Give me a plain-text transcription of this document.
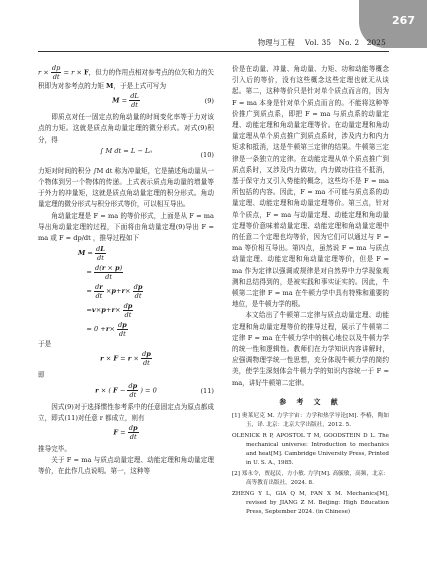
267
物理与工程 Vol. 35 No. 2 2025

$r \times \frac{dp}{dt} = r \times F$，但力的作用点相对参考点的位矢和力的矢积即为对参考点的力矩 M，于是上式可写为

$M = \frac{dL}{dt}$	(9)

即质点对任一固定点的角动量的时间变化率等于力对该点的力矩。这就是质点角动量定理的微分形式。对式(9)积分，得

∫ M dt = L − L₀	(10)

力矩对时间的积分 ∫M dt 称为冲量矩，它是描述角动量从一个物体到另一个物体的传递。上式表示质点角动量的增量等于外力的冲量矩，这就是质点角动量定理的积分形式。角动量定理的微分形式与积分形式等价，可以相互导出。

角动量定理是 F = ma 的等价形式，上面是从 F = ma 导出角动量定理的过程，下面将由角动量定理(9)导出 F = ma 或 F = dp/dt ，推导过程如下

$M = \frac{dL}{dt}$
= $\frac{d(r \times p)}{dt}$
= $\frac{dr}{dt} \times p + r \times \frac{dp}{dt}$
= $v \times p + r \times \frac{dp}{dt}$
= $0 + r \times \frac{dp}{dt}$

于是

$r \times F = r \times \frac{dp}{dt}$

即

r × ( $F - \frac{dp}{dt}$ ) = 0	(11)

因式(9)对于选择惯性参考系中的任意固定点为原点都成立，即式(11)对任意 r 都成立，则有

$F = \frac{dp}{dt}$

推导完毕。

关于 F = ma 与质点动量定理、动能定理和角动量定理等价，在此作几点说明。第一，这种等

价是在动量、冲量、角动量、力矩、功和动能等概念引入后的等价，没有这些概念这些定理也就无从谈起。第二，这种等价只是针对单个质点而言的，因为 F = ma 本身是针对单个质点而言的。不能将这种等价推广到质点系，即把 F = ma 与质点系的动量定理、动能定理和角动量定理等价。在动量定理和角动量定理从单个质点推广到质点系时，涉及内力和内力矩求和抵消，这是牛顿第三定律的结果。牛顿第三定律是一条独立的定律。在动能定理从单个质点推广到质点系时，又涉及内力做功，内力做功往往不抵消，基于保守力又引入势能的概念，这些均不是 F = ma 所包括的内容。因此，F = ma 不可能与质点系的动量定理、动能定理和角动量定理等价。第三点，针对单个质点，F = ma 与动量定理、动能定理和角动量定理等价意味着动量定理、动能定理和角动量定理中的任意二个定理也均等价，因为它们可以通过与 F = ma 等价相互导出。第四点，虽然说 F = ma 与质点动量定理、动能定理和角动量定理等价，但是 F = ma 作为定律以强调或规律是对自然界中力学现象观测和总结得到的，是被实践和事实证实的。因此，牛顿第二定律 F = ma 在牛顿力学中具有特殊和重要的地位，是牛顿力学的根。

本文给出了牛顿第二定律与质点动量定理、动能定理和角动量定理等价的推导过程，展示了牛顿第二定律 F = ma 在牛顿力学中的核心地位以及牛顿力学的统一性和逻辑性。教师们在力学知识内容讲解时，应强调物理学统一性思想，充分体现牛顿力学的简约美，使学生深刻体会牛顿力学的知识内容统一于 F = ma，讲好牛顿第二定律。

参 考 文 献
[1] 奥莱尼克 M. 力学宇宙：力学和热学导论[M]. 李椿，陶如玉，译. 北京：北京大学出版社，2012. 5.
OLENICK R P, APOSTOL T M, GOODSTEIN D L. The mechanical universe: Introduction to mechanics and heat[M]. Cambridge University Press, Printed in U. S. A., 1985.
[2] 郑永令，贾起民，方小敏. 力学[M]. 高毓敏，高频，北京：高等教育出版社，2024. 8.
ZHENG Y L, GIA Q M, FAN X M. Mechanics[M], revised by JIANG Z M. Beijing: High Education Press, September 2024. (in Chinese)
